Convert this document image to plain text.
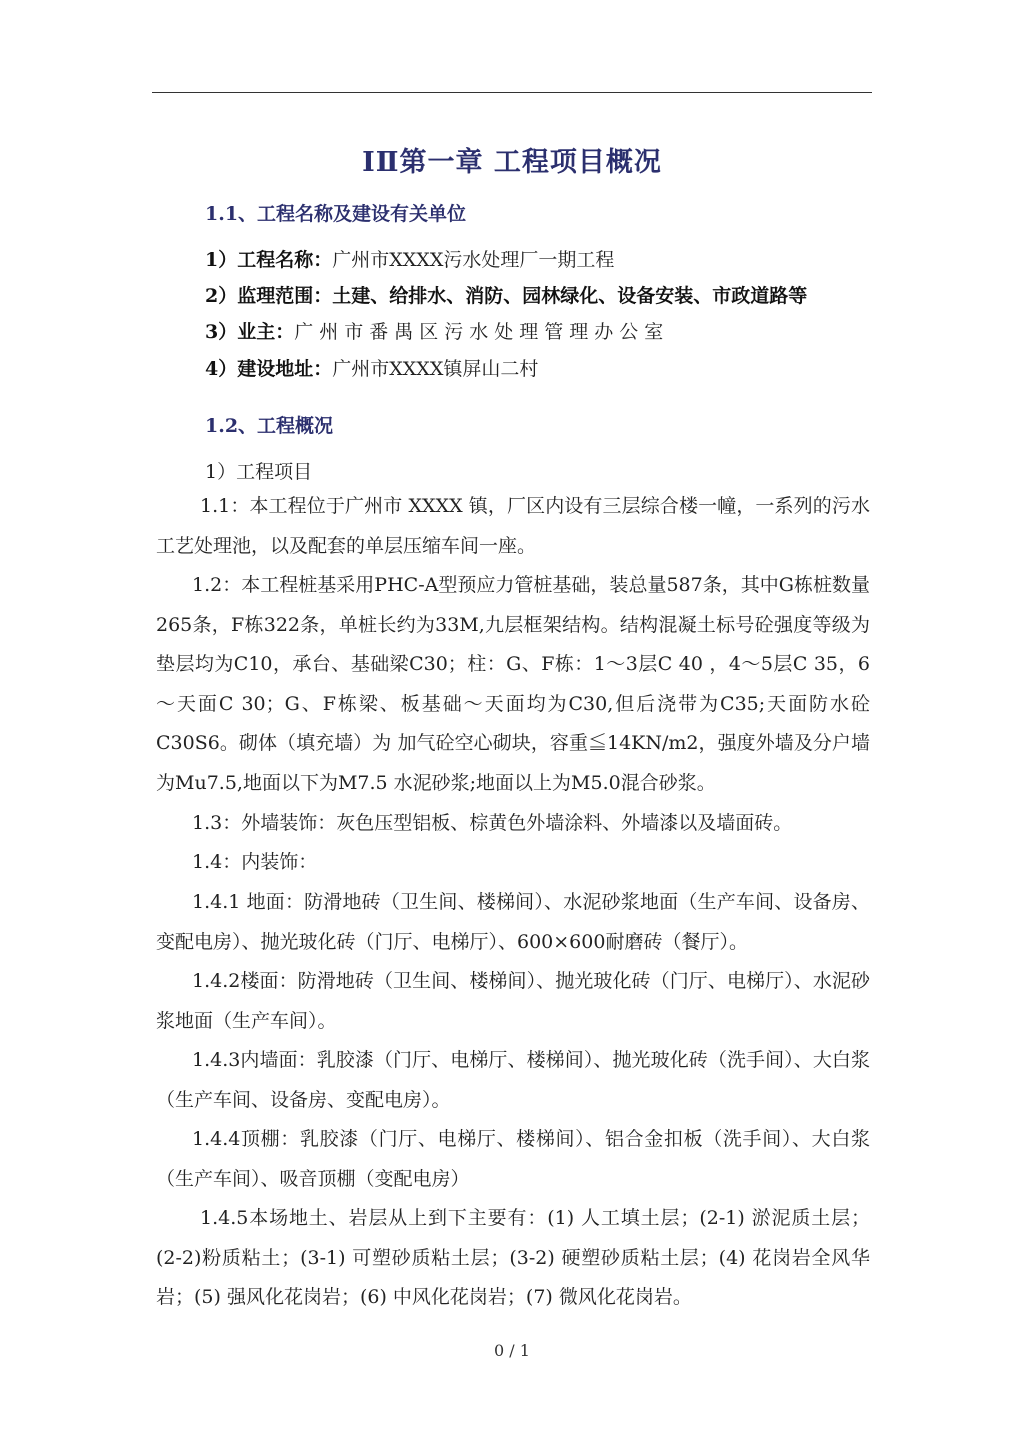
ⅠⅡ第一章 工程项目概况
1.1、工程名称及建设有关单位
1）工程名称：广州市XXXX污水处理厂一期工程
2）监理范围：土建、给排水、消防、园林绿化、设备安装、市政道路等
3）业主：广州市番禺区污水处理管理办公室
4）建设地址：广州市XXXX镇屏山二村
1.2、工程概况
1）工程项目

1.1：本工程位于广州市 XXXX 镇，厂区内设有三层综合楼一幢，一系列的污水工艺处理池，以及配套的单层压缩车间一座。

1.2：本工程桩基采用PHC-A型预应力管桩基础，装总量587条，其中G栋桩数量265条，F栋322条，单桩长约为33M,九层框架结构。结构混凝土标号砼强度等级为垫层均为C10，承台、基础梁C30；柱：G、F栋：1～3层C 40 ，4～5层C 35，6～天面C 30；G、F栋梁、板基础～天面均为C30,但后浇带为C35;天面防水砼C30S6。砌体（填充墙）为 加气砼空心砌块，容重≦14KN/m2，强度外墙及分户墙为Mu7.5,地面以下为M7.5 水泥砂浆;地面以上为M5.0混合砂浆。

1.3：外墙装饰：灰色压型铝板、棕黄色外墙涂料、外墙漆以及墙面砖。

1.4：内装饰：

1.4.1 地面：防滑地砖（卫生间、楼梯间）、水泥砂浆地面（生产车间、设备房、变配电房）、抛光玻化砖（门厅、电梯厅）、600×600耐磨砖（餐厅）。

1.4.2楼面：防滑地砖（卫生间、楼梯间）、抛光玻化砖（门厅、电梯厅）、水泥砂浆地面（生产车间）。

1.4.3内墙面：乳胶漆（门厅、电梯厅、楼梯间）、抛光玻化砖（洗手间）、大白浆（生产车间、设备房、变配电房）。

1.4.4顶棚：乳胶漆（门厅、电梯厅、楼梯间）、铝合金扣板（洗手间）、大白浆（生产车间）、吸音顶棚（变配电房）

1.4.5本场地土、岩层从上到下主要有：(1) 人工填土层；(2-1) 淤泥质土层；(2-2)粉质粘土；(3-1) 可塑砂质粘土层；(3-2) 硬塑砂质粘土层；(4) 花岗岩全风华岩；(5) 强风化花岗岩；(6) 中风化花岗岩；(7) 微风化花岗岩。

0 / 1
